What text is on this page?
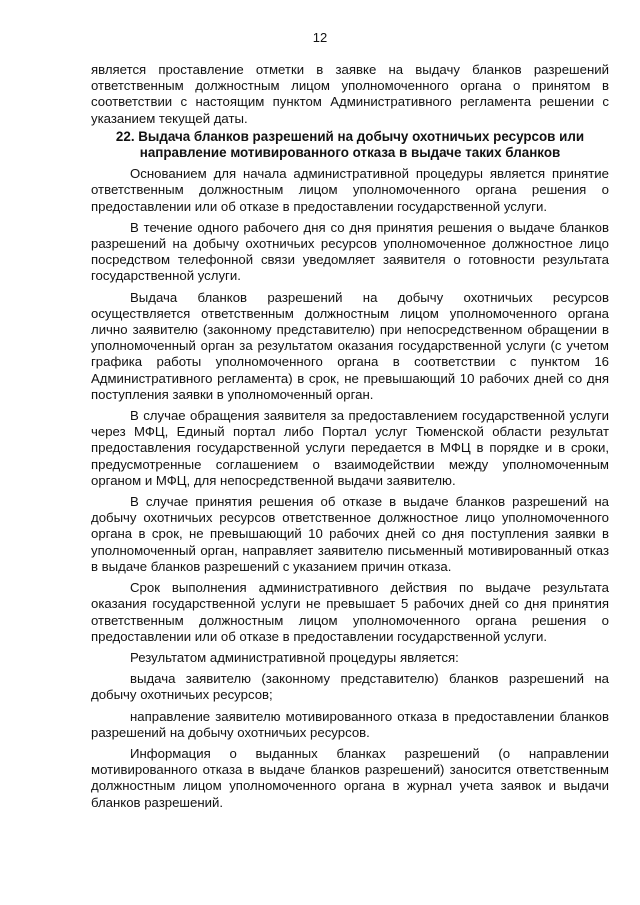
12

является проставление отметки в заявке на выдачу бланков разрешений ответственным должностным лицом уполномоченного органа о принятом в соответствии с настоящим пунктом Административного регламента решении с указанием текущей даты.

22. Выдача бланков разрешений на добычу охотничьих ресурсов или направление мотивированного отказа в выдаче таких бланков

Основанием для начала административной процедуры является принятие ответственным должностным лицом уполномоченного органа решения о предоставлении или об отказе в предоставлении государственной услуги.

В течение одного рабочего дня со дня принятия решения о выдаче бланков разрешений на добычу охотничьих ресурсов уполномоченное должностное лицо посредством телефонной связи уведомляет заявителя о готовности результата государственной услуги.

Выдача бланков разрешений на добычу охотничьих ресурсов осуществляется ответственным должностным лицом уполномоченного органа лично заявителю (законному представителю) при непосредственном обращении в уполномоченный орган за результатом оказания государственной услуги (с учетом графика работы уполномоченного органа в соответствии с пунктом 16 Административного регламента) в срок, не превышающий 10 рабочих дней со дня поступления заявки в уполномоченный орган.

В случае обращения заявителя за предоставлением государственной услуги через МФЦ, Единый портал либо Портал услуг Тюменской области результат предоставления государственной услуги передается в МФЦ в порядке и в сроки, предусмотренные соглашением о взаимодействии между уполномоченным органом и МФЦ, для непосредственной выдачи заявителю.

В случае принятия решения об отказе в выдаче бланков разрешений на добычу охотничьих ресурсов ответственное должностное лицо уполномоченного органа в срок, не превышающий 10 рабочих дней со дня поступления заявки в уполномоченный орган, направляет заявителю письменный мотивированный отказ в выдаче бланков разрешений с указанием причин отказа.

Срок выполнения административного действия по выдаче результата оказания государственной услуги не превышает 5 рабочих дней со дня принятия ответственным должностным лицом уполномоченного органа решения о предоставлении или об отказе в предоставлении государственной услуги.

Результатом административной процедуры является:

выдача заявителю (законному представителю) бланков разрешений на добычу охотничьих ресурсов;

направление заявителю мотивированного отказа в предоставлении бланков разрешений на добычу охотничьих ресурсов.

Информация о выданных бланках разрешений (о направлении мотивированного отказа в выдаче бланков разрешений) заносится ответственным должностным лицом уполномоченного органа в журнал учета заявок и выдачи бланков разрешений.
